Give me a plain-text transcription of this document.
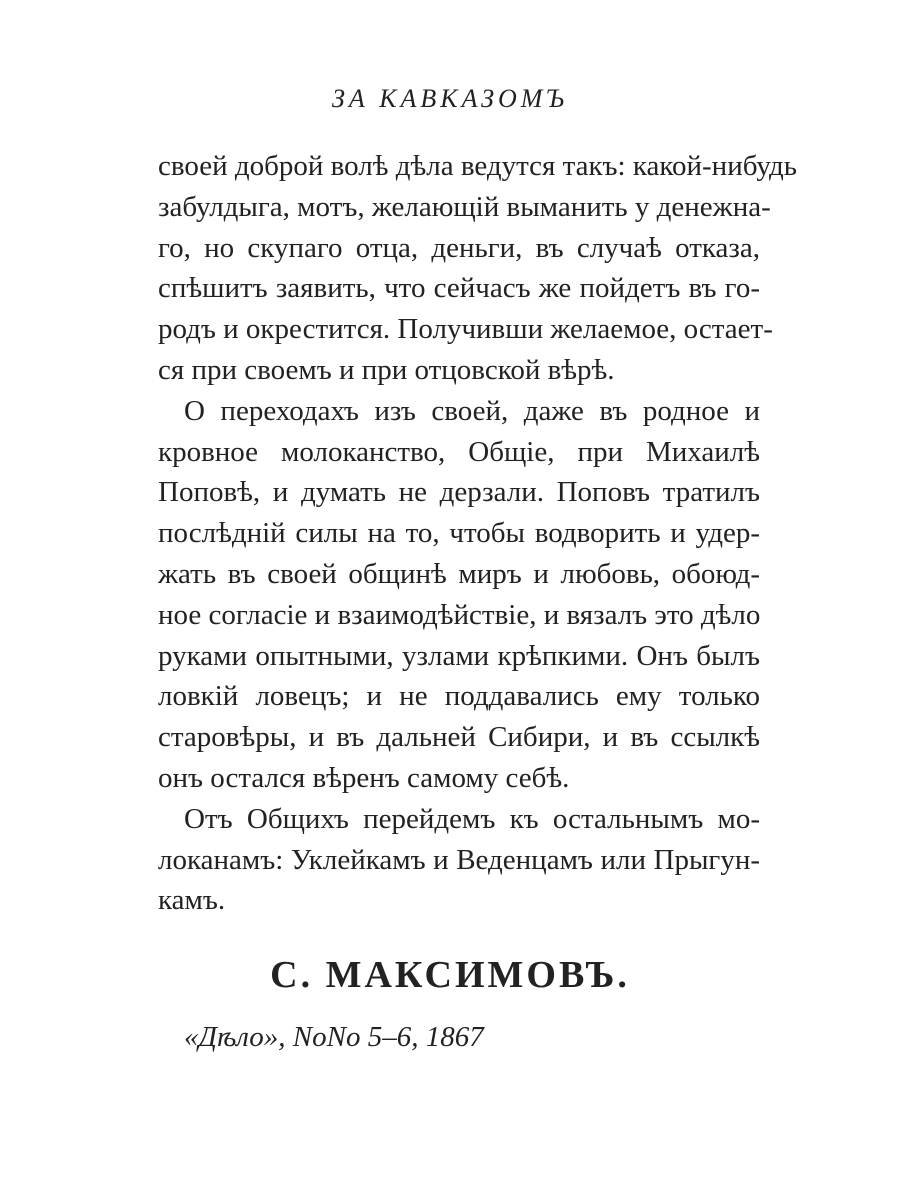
ЗА КАВКАЗОМЪ
своей доброй волѣ дѣла ведутся такъ: какой-нибудь
забулдыга, мотъ, желающій выманить у денежна-
го, но скупаго отца, деньги, въ случаѣ отказа,
спѣшитъ заявить, что сейчасъ же пойдетъ въ го-
родъ и окрестится. Получивши желаемое, остает-
ся при своемъ и при отцовской вѣрѣ.
О переходахъ изъ своей, даже въ родное и
кровное молоканство, Общіе, при Михаилѣ
Поповѣ, и думать не дерзали. Поповъ тратилъ
послѣдній силы на то, чтобы водворить и удер-
жать въ своей общинѣ миръ и любовь, обоюд-
ное согласіе и взаимодѣйствіе, и вязалъ это дѣло
руками опытными, узлами крѣпкими. Онъ былъ
ловкій ловецъ; и не поддавались ему только
старовѣры, и въ дальней Сибири, и въ ссылкѣ
онъ остался вѣренъ самому себѣ.
Отъ Общихъ перейдемъ къ остальнымъ мо-
локанамъ: Уклейкамъ и Веденцамъ или Прыгун-
камъ.
С. МАКСИМОВЪ.
«Дѣло», NoNo 5–6, 1867
